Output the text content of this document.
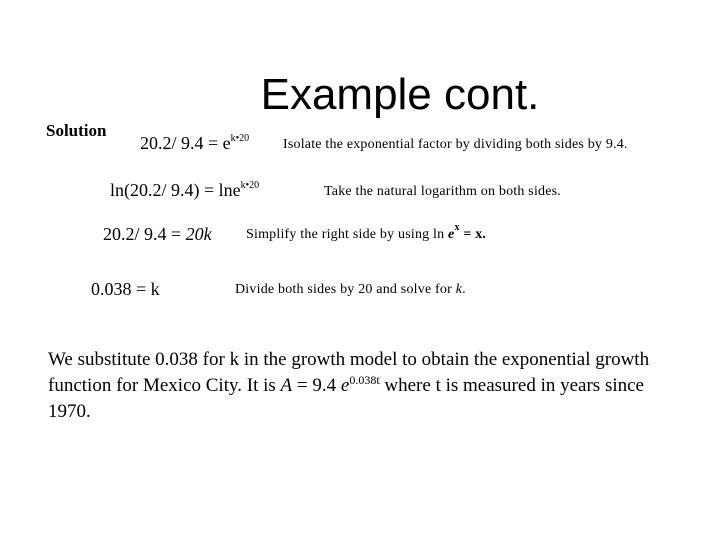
Example cont.
Solution
20.2/ $9.4 = e^{k•20}$ Isolate the exponential factor by dividing both sides by 9.4.
ln(20.2/ 9.4) = lne$^{k•20}$	Take the natural logarithm on both sides.
20.2/ 9.4 = 20k Simplify the right side by using $\ln e^x = x$.
0.038 = k	Divide both sides by 20 and solve for k.
We substitute 0.038 for k in the growth model to obtain the exponential growth function for Mexico City. It is A = 9.4 $e^{0.038t}$ where t is measured in years since 1970.
